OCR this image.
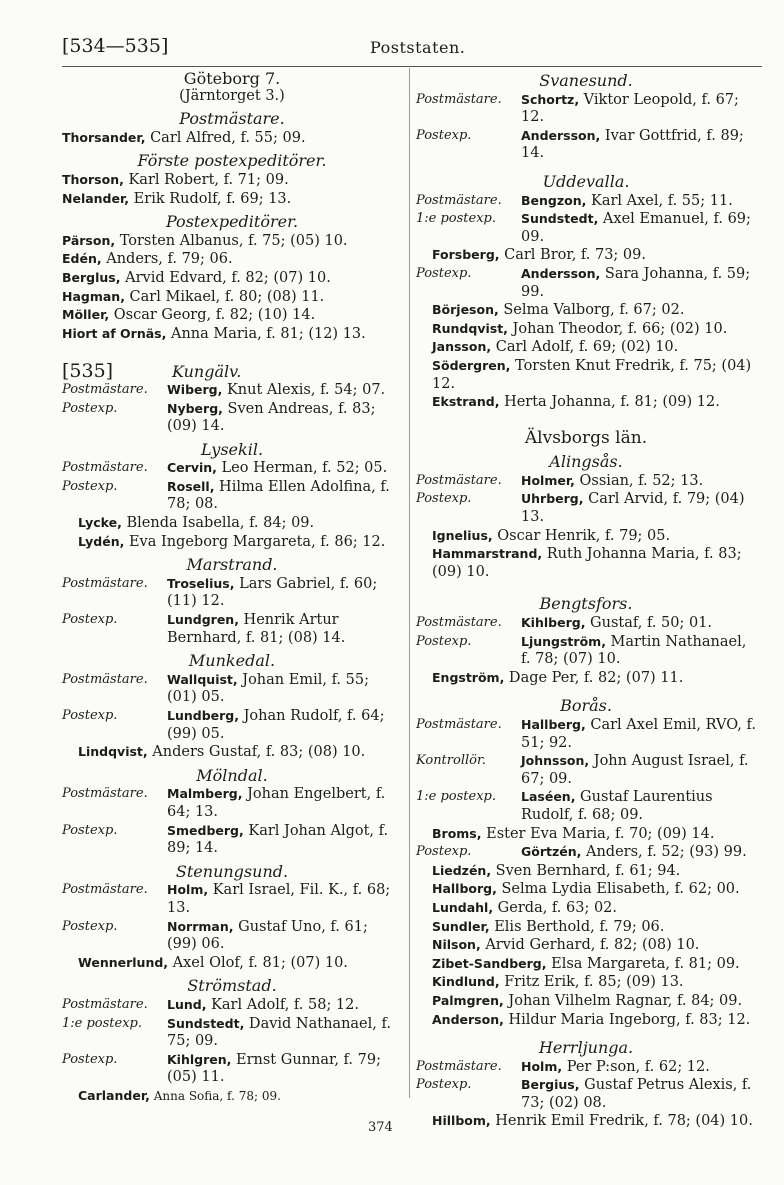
[534—535]	Poststaten.
Göteborg 7.
(Järntorget 3.)
Postmästare.
Thorsander, Carl Alfred, f. 55; 09.
Förste postexpeditörer.
Thorson, Karl Robert, f. 71; 09.
Nelander, Erik Rudolf, f. 69; 13.
Postexpeditörer.
Pärson, Torsten Albanus, f. 75; (05) 10.
Edén, Anders, f. 79; 06.
Berglus, Arvid Edvard, f. 82; (07) 10.
Hagman, Carl Mikael, f. 80; (08) 11.
Möller, Oscar Georg, f. 82; (10) 14.
Hiort af Ornäs, Anna Maria, f. 81; (12) 13.
[535]	Kungälv.
Postmästare.	Wiberg, Knut Alexis, f. 54; 07.
Postexp.	Nyberg, Sven Andreas, f. 83; (09) 14.
Lysekil.
Postmästare.	Cervin, Leo Herman, f. 52; 05.
Postexp.	Rosell, Hilma Ellen Adolfina, f. 78; 08.
Lycke, Blenda Isabella, f. 84; 09.
Lydén, Eva Ingeborg Margareta, f. 86; 12.
Marstrand.
Postmästare.	Troselius, Lars Gabriel, f. 60; (11) 12.
Postexp.	Lundgren, Henrik Artur Bernhard, f. 81; (08) 14.
Munkedal.
Postmästare.	Wallquist, Johan Emil, f. 55; (01) 05.
Postexp.	Lundberg, Johan Rudolf, f. 64; (99) 05.
Lindqvist, Anders Gustaf, f. 83; (08) 10.
Mölndal.
Postmästare.	Malmberg, Johan Engelbert, f. 64; 13.
Postexp.	Smedberg, Karl Johan Algot, f. 89; 14.
Stenungsund.
Postmästare.	Holm, Karl Israel, Fil. K., f. 68; 13.
Postexp.	Norrman, Gustaf Uno, f. 61; (99) 06.
Wennerlund, Axel Olof, f. 81; (07) 10.
Strömstad.
Postmästare.	Lund, Karl Adolf, f. 58; 12.
1:e postexp.	Sundstedt, David Nathanael, f. 75; 09.
Postexp.	Kihlgren, Ernst Gunnar, f. 79; (05) 11.
Carlander, Anna Sofia, f. 78; 09.
Svanesund.
Postmästare.	Schortz, Viktor Leopold, f. 67; 12.
Postexp.	Andersson, Ivar Gottfrid, f. 89; 14.
Uddevalla.
Postmästare.	Bengzon, Karl Axel, f. 55; 11.
1:e postexp.	Sundstedt, Axel Emanuel, f. 69; 09.
Forsberg, Carl Bror, f. 73; 09.
Postexp.	Andersson, Sara Johanna, f. 59; 99.
Börjeson, Selma Valborg, f. 67; 02.
Rundqvist, Johan Theodor, f. 66; (02) 10.
Jansson, Carl Adolf, f. 69; (02) 10.
Södergren, Torsten Knut Fredrik, f. 75; (04) 12.
Ekstrand, Herta Johanna, f. 81; (09) 12.
Älvsborgs län.
Alingsås.
Postmästare.	Holmer, Ossian, f. 52; 13.
Postexp.	Uhrberg, Carl Arvid, f. 79; (04) 13.
Ignelius, Oscar Henrik, f. 79; 05.
Hammarstrand, Ruth Johanna Maria, f. 83; (09) 10.
Bengtsfors.
Postmästare.	Kihlberg, Gustaf, f. 50; 01.
Postexp.	Ljungström, Martin Nathanael, f. 78; (07) 10.
Engström, Dage Per, f. 82; (07) 11.
Borås.
Postmästare.	Hallberg, Carl Axel Emil, RVO, f. 51; 92.
Kontrollör.	Johnsson, John August Israel, f. 67; 09.
1:e postexp.	Laséen, Gustaf Laurentius Rudolf, f. 68; 09.
Broms, Ester Eva Maria, f. 70; (09) 14.
Postexp.	Görtzén, Anders, f. 52; (93) 99.
Liedzén, Sven Bernhard, f. 61; 94.
Hallborg, Selma Lydia Elisabeth, f. 62; 00.
Lundahl, Gerda, f. 63; 02.
Sundler, Elis Berthold, f. 79; 06.
Nilson, Arvid Gerhard, f. 82; (08) 10.
Zibet-Sandberg, Elsa Margareta, f. 81; 09.
Kindlund, Fritz Erik, f. 85; (09) 13.
Palmgren, Johan Vilhelm Ragnar, f. 84; 09.
Anderson, Hildur Maria Ingeborg, f. 83; 12.
Herrljunga.
Postmästare.	Holm, Per P:son, f. 62; 12.
Postexp.	Bergius, Gustaf Petrus Alexis, f. 73; (02) 08.
Hillbom, Henrik Emil Fredrik, f. 78; (04) 10.
374
